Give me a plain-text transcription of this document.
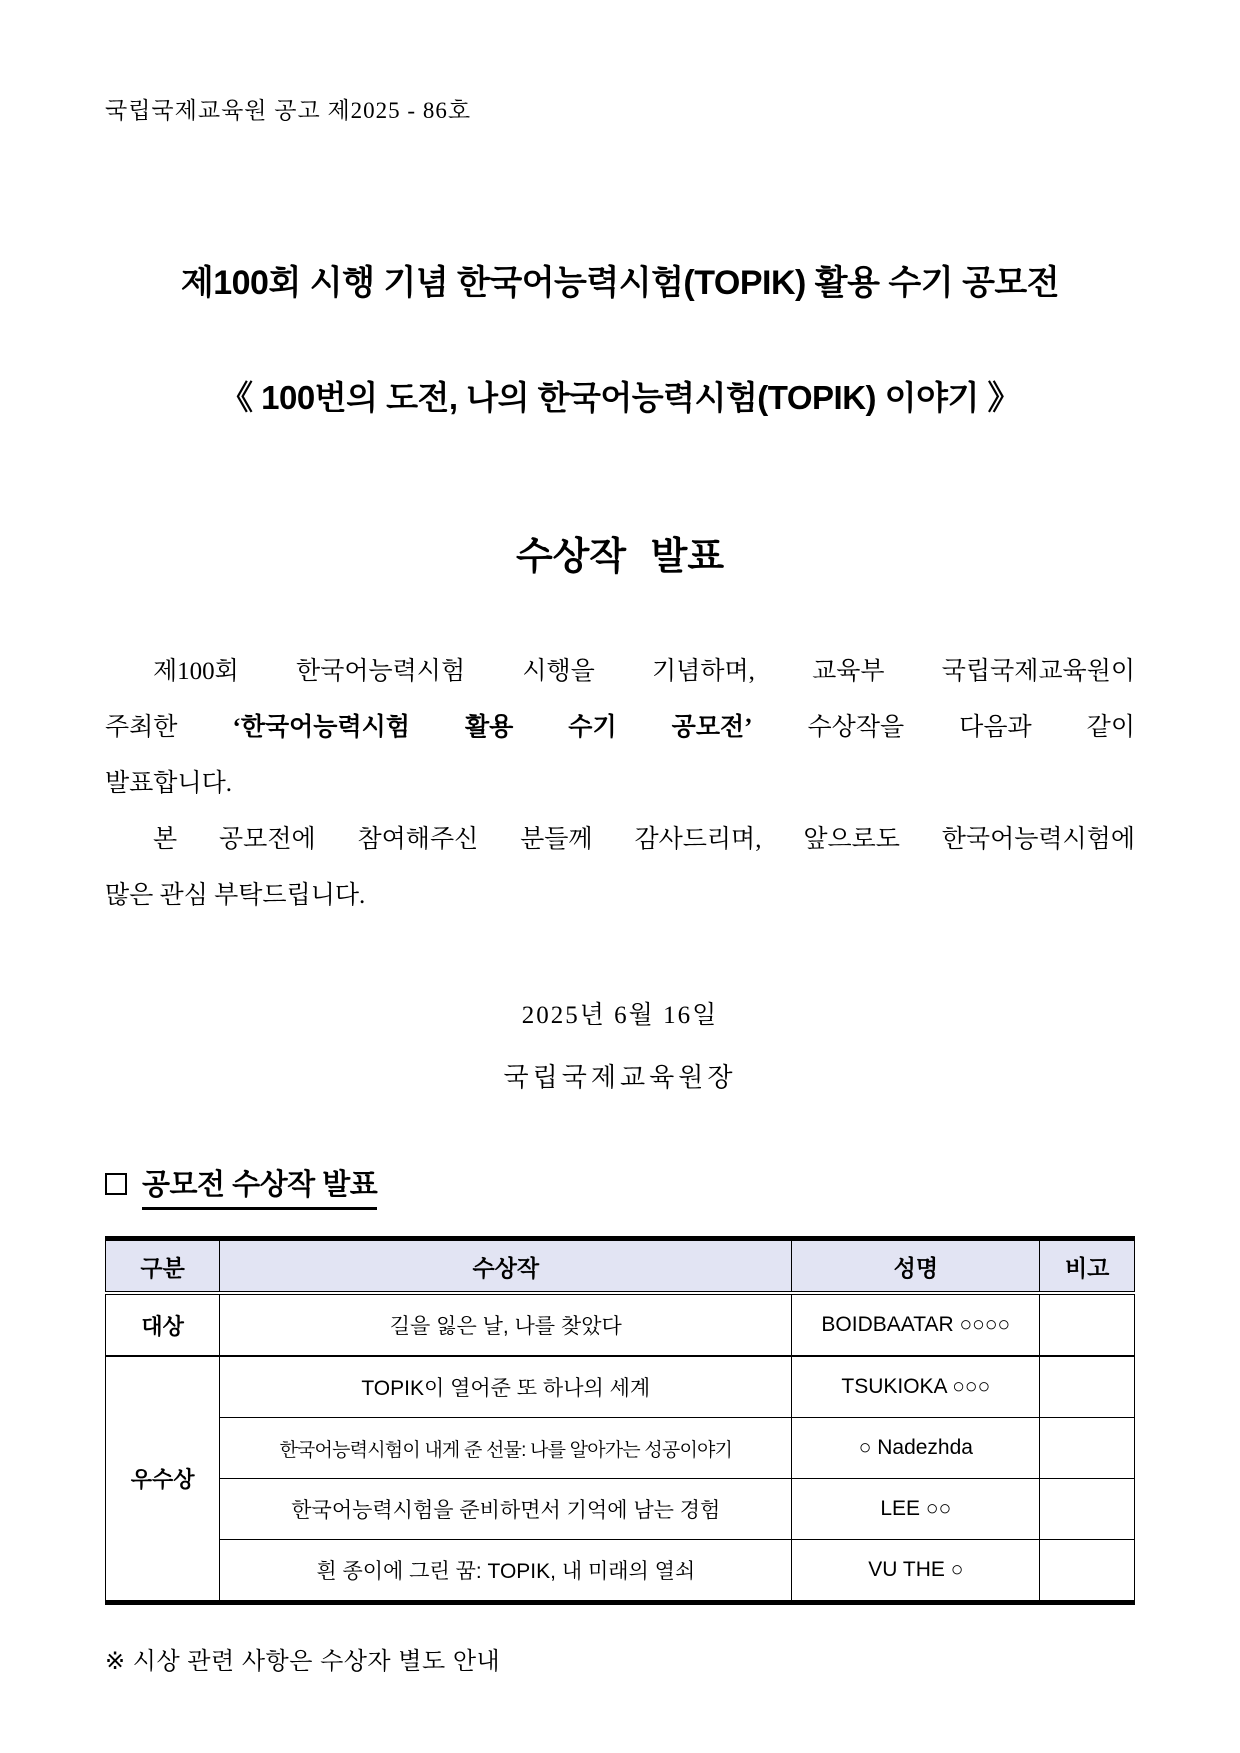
국립국제교육원 공고 제2025 - 86호
제100회 시행 기념 한국어능력시험(TOPIK) 활용 수기 공모전
《 100번의 도전, 나의 한국어능력시험(TOPIK) 이야기 》
수상작 발표
제100회 한국어능력시험 시행을 기념하며, 교육부 국립국제교육원이
주최한 ‘한국어능력시험 활용 수기 공모전’ 수상작을 다음과 같이
발표합니다.
본 공모전에 참여해주신 분들께 감사드리며, 앞으로도 한국어능력시험에
많은 관심 부탁드립니다.
2025년 6월 16일
국립국제교육원장
공모전 수상작 발표
구분	수상작	성명	비고
대상	길을 잃은 날, 나를 찾았다	BOIDBAATAR ○○○○	
우수상	TOPIK이 열어준 또 하나의 세계	TSUKIOKA ○○○	
	한국어능력시험이 내게 준 선물: 나를 알아가는 성공이야기	○ Nadezhda	
	한국어능력시험을 준비하면서 기억에 남는 경험	LEE ○○	
	흰 종이에 그린 꿈: TOPIK, 내 미래의 열쇠	VU THE ○	
※ 시상 관련 사항은 수상자 별도 안내
